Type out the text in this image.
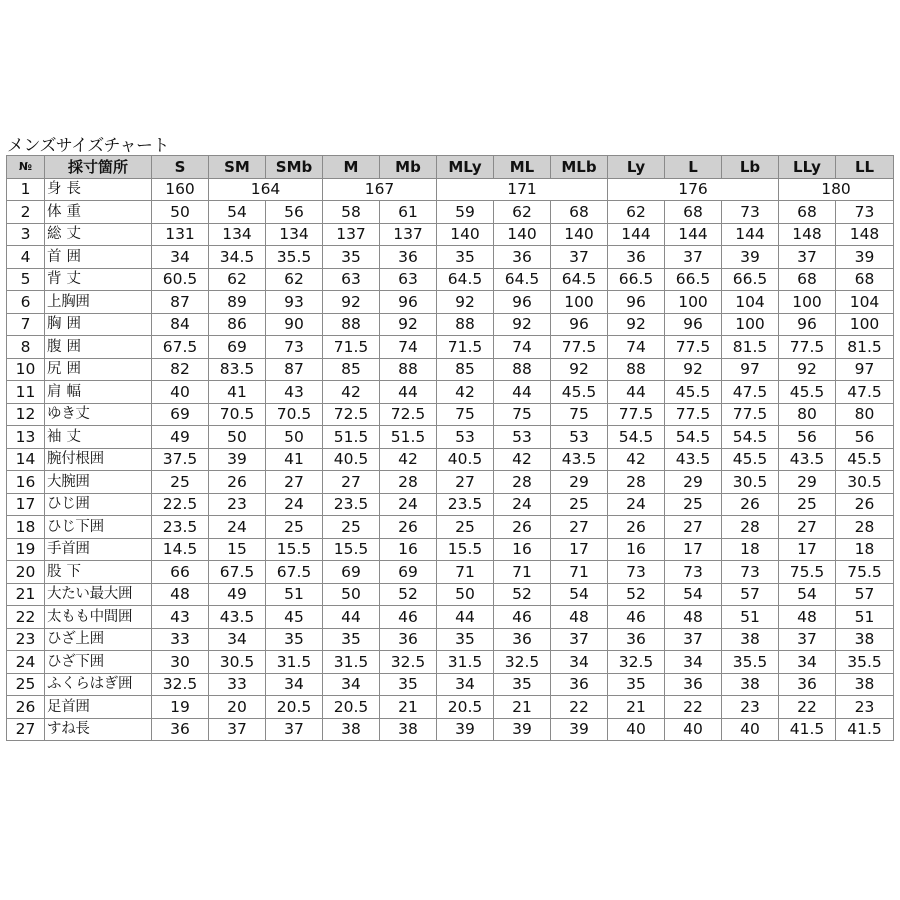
メンズサイズチャート
№	採寸箇所	S	SM	SMb	M	Mb	MLy	ML	MLb	Ly	L	Lb	LLy	LL
1	身長	160	164		167		171			176			180	
2	体重	50	54	56	58	61	59	62	68	62	68	73	68	73
3	総丈	131	134	134	137	137	140	140	140	144	144	144	148	148
4	首囲	34	34.5	35.5	35	36	35	36	37	36	37	39	37	39
5	背丈	60.5	62	62	63	63	64.5	64.5	64.5	66.5	66.5	66.5	68	68
6	上胸囲	87	89	93	92	96	92	96	100	96	100	104	100	104
7	胸囲	84	86	90	88	92	88	92	96	92	96	100	96	100
8	腹囲	67.5	69	73	71.5	74	71.5	74	77.5	74	77.5	81.5	77.5	81.5
10	尻囲	82	83.5	87	85	88	85	88	92	88	92	97	92	97
11	肩幅	40	41	43	42	44	42	44	45.5	44	45.5	47.5	45.5	47.5
12	ゆき丈	69	70.5	70.5	72.5	72.5	75	75	75	77.5	77.5	77.5	80	80
13	袖丈	49	50	50	51.5	51.5	53	53	53	54.5	54.5	54.5	56	56
14	腕付根囲	37.5	39	41	40.5	42	40.5	42	43.5	42	43.5	45.5	43.5	45.5
16	大腕囲	25	26	27	27	28	27	28	29	28	29	30.5	29	30.5
17	ひじ囲	22.5	23	24	23.5	24	23.5	24	25	24	25	26	25	26
18	ひじ下囲	23.5	24	25	25	26	25	26	27	26	27	28	27	28
19	手首囲	14.5	15	15.5	15.5	16	15.5	16	17	16	17	18	17	18
20	股下	66	67.5	67.5	69	69	71	71	71	73	73	73	75.5	75.5
21	大たい最大囲	48	49	51	50	52	50	52	54	52	54	57	54	57
22	太もも中間囲	43	43.5	45	44	46	44	46	48	46	48	51	48	51
23	ひざ上囲	33	34	35	35	36	35	36	37	36	37	38	37	38
24	ひざ下囲	30	30.5	31.5	31.5	32.5	31.5	32.5	34	32.5	34	35.5	34	35.5
25	ふくらはぎ囲	32.5	33	34	34	35	34	35	36	35	36	38	36	38
26	足首囲	19	20	20.5	20.5	21	20.5	21	22	21	22	23	22	23
27	すね長	36	37	37	38	38	39	39	39	40	40	40	41.5	41.5
